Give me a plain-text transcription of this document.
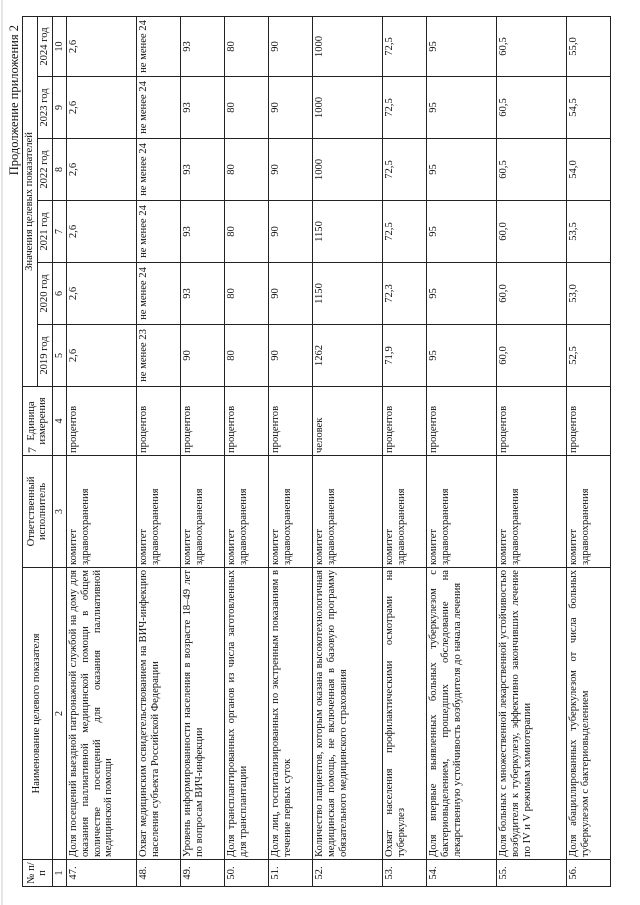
7
Продолжение приложения 2
№ п/п	Наименование целевого показателя	Ответственный исполнитель	Единица измерения	Значения целевых показателей					
				2019 год	2020 год	2021 год	2022 год	2023 год	2024 год
1	2	3	4	5	6	7	8	9	10
47.	Доля посещений выездной патронажной службой на дому для оказания паллиативной медицинской помощи в общем количестве посещений для оказания паллиативной медицинской помощи	комитет здравоохранения	процентов	2,6	2,6	2,6	2,6	2,6	2,6
48.	Охват медицинским освидетельствованием на ВИЧ-инфекцию населения субъекта Российской Федерации	комитет здравоохранения	процентов	не менее 23	не менее 24	не менее 24	не менее 24	не менее 24	не менее 24
49.	Уровень информированности населения в возрасте 18–49 лет по вопросам ВИЧ-инфекции	комитет здравоохранения	процентов	90	93	93	93	93	93
50.	Доля трансплантированных органов из числа заготовленных для трансплантации	комитет здравоохранения	процентов	80	80	80	80	80	80
51.	Доля лиц, госпитализированных по экстренным показаниям в течение первых суток	комитет здравоохранения	процентов	90	90	90	90	90	90
52.	Количество пациентов, которым оказана высокотехнологичная медицинская помощь, не включенная в базовую программу обязательного медицинского страхования	комитет здравоохранения	человек	1262	1150	1150	1000	1000	1000
53.	Охват населения профилактическими осмотрами на туберкулез	комитет здравоохранения	процентов	71,9	72,3	72,5	72,5	72,5	72,5
54.	Доля впервые выявленных больных туберкулезом с бактериовыделением, прошедших обследование на лекарственную устойчивость возбудителя до начала лечения	комитет здравоохранения	процентов	95	95	95	95	95	95
55.	Доля больных с множественной лекарственной устойчивостью возбудителя к туберкулезу, эффективно закончивших лечение по IV и V режимам химиотерапии	комитет здравоохранения	процентов	60,0	60,0	60,0	60,5	60,5	60,5
56.	Доля абациллированных туберкулезом от числа больных туберкулезом с бактериовыделением	комитет здравоохранения	процентов	52,5	53,0	53,5	54,0	54,5	55,0
